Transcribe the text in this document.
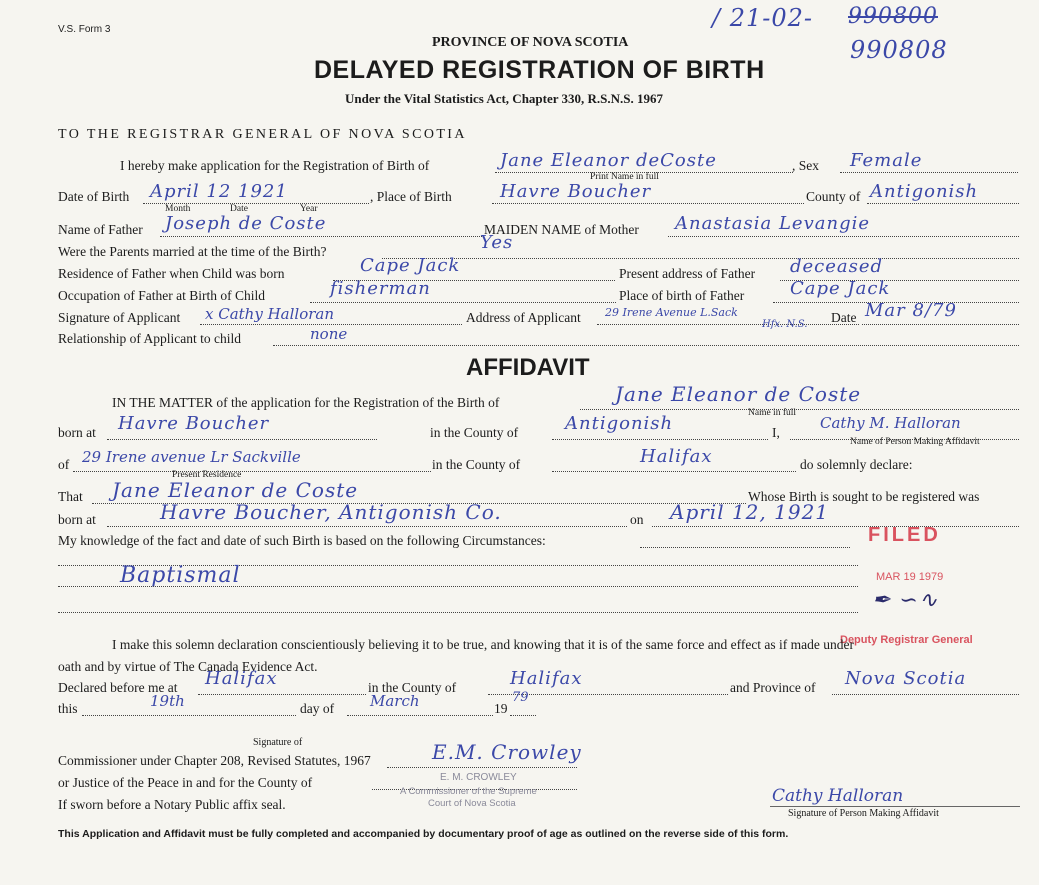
V.S. Form 3	/ 21-02- 990800
990808
PROVINCE OF NOVA SCOTIA
DELAYED REGISTRATION OF BIRTH
Under the Vital Statistics Act, Chapter 330, R.S.N.S. 1967
TO THE REGISTRAR GENERAL OF NOVA SCOTIA
I hereby make application for the Registration of Birth of	Jane Eleanor deCoste	, Sex Female
Print Name in full
Date of Birth April 12 1921
Month	Date	Year
, Place of Birth	Havre Boucher	County of Antigonish
Name of Father Joseph de Coste	MAIDEN NAME of Mother Anastasia Levangie
Were the Parents married at the time of the Birth?	Yes
Residence of Father when Child was born	Cape Jack	Present address of Father deceased
Occupation of Father at Birth of Child	fisherman	Place of birth of Father	Cape Jack
Signature of Applicant x Cathy Halloran	Address of Applicant 29 Irene Avenue L.Sack
Hfx. N.S. Date Mar 8/79
Relationship of Applicant to child	none
AFFIDAVIT
IN THE MATTER of the application for the Registration of the Birth of	Jane Eleanor de Coste
Name in full
born at Havre Boucher	in the County of	Antigonish	I,
Cathy M. Halloran
Name of Person Making Affidavit
of 29 Irene avenue Lr Sackville	in the County of	Halifax	do solemnly declare:
Present Residence
That Jane Eleanor de Coste	Whose Birth is sought to be registered was
born at	Havre Boucher, Antigonish Co.	on April 12, 1921
My knowledge of the fact and date of such Birth is based on the following Circumstances:
Baptismal
FILED
MAR 19 1979
✒ ∽∿
Deputy Registrar General
I make this solemn declaration conscientiously believing it to be true, and knowing that it is of the same force and effect as if made under
oath and by virtue of The Canada Evidence Act.
Declared before me at Halifax	in the County of	Halifax	and Province of Nova Scotia
this	19th	day of March	19
79
Signature of
Commissioner under Chapter 208, Revised Statutes, 1967	E.M. Crowley
or Justice of the Peace in and for the County of	E. M. CROWLEY
A Commissioner of the Supreme
Court of Nova Scotia
If sworn before a Notary Public affix seal.	Cathy Halloran
Signature of Person Making Affidavit
This Application and Affidavit must be fully completed and accompanied by documentary proof of age as outlined on the reverse side of this form.
